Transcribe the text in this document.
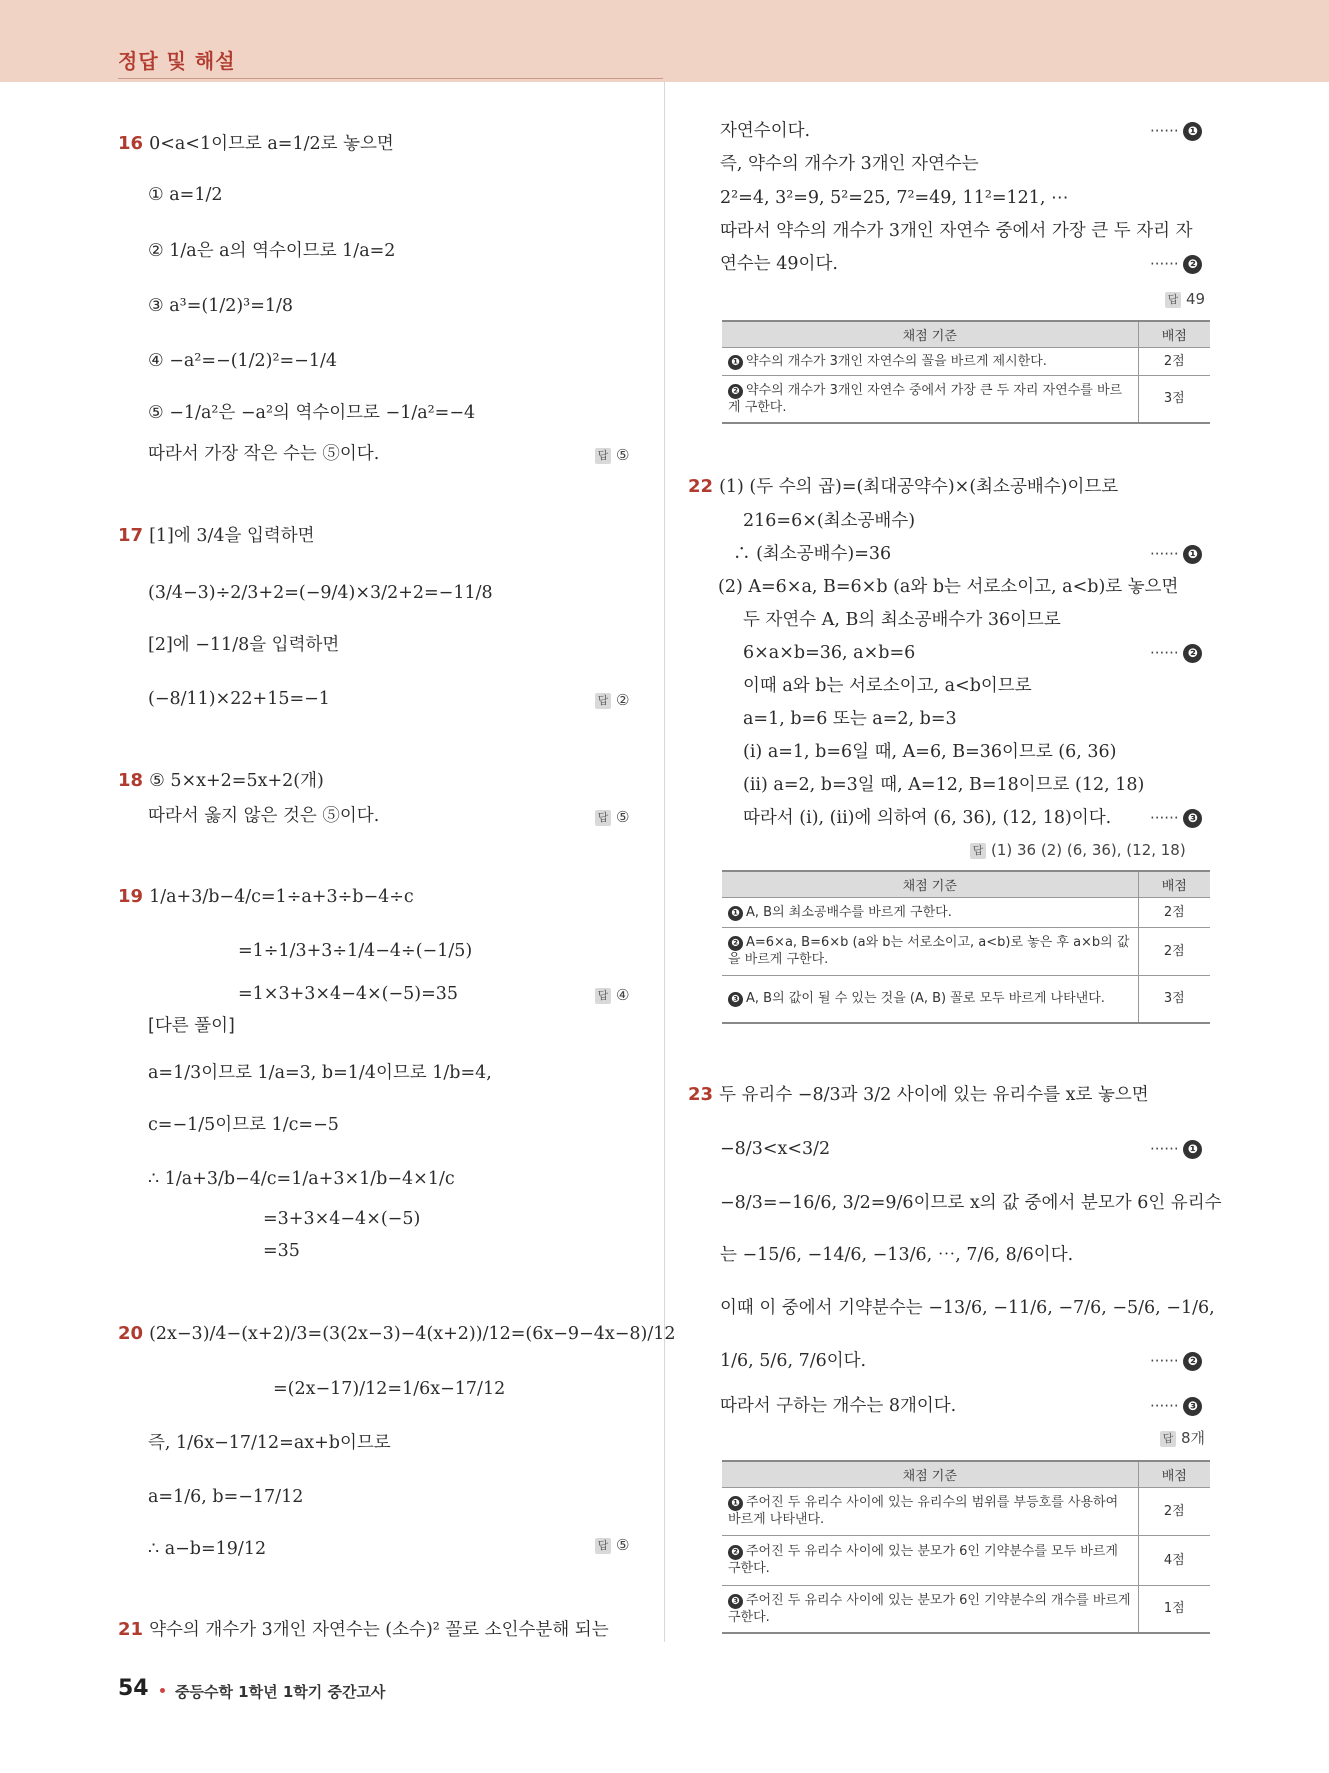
정답 및 해설
16 0<a<1이므로 a=1/2로 놓으면
① a=1/2
② 1/a은 a의 역수이므로 1/a=2
③ a³=(1/2)³=1/8
④ −a²=−(1/2)²=−1/4
⑤ −1/a²은 −a²의 역수이므로 −1/a²=−4
따라서 가장 작은 수는 ⑤이다.	답 ⑤
17 [1]에 3/4을 입력하면
(3/4−3)÷2/3+2=(−9/4)×3/2+2=−11/8
[2]에 −11/8을 입력하면
(−8/11)×22+15=−1	답 ②
18 ⑤ 5×x+2=5x+2(개)
따라서 옳지 않은 것은 ⑤이다.	답 ⑤
19 1/a+3/b−4/c=1÷a+3÷b−4÷c
=1÷1/3+3÷1/4−4÷(−1/5)
=1×3+3×4−4×(−5)=35	답 ④
[다른 풀이]
a=1/3이므로 1/a=3, b=1/4이므로 1/b=4,
c=−1/5이므로 1/c=−5
∴ 1/a+3/b−4/c=1/a+3×1/b−4×1/c
=3+3×4−4×(−5)
=35
20 (2x−3)/4−(x+2)/3=(3(2x−3)−4(x+2))/12=(6x−9−4x−8)/12
=(2x−17)/12=1/6x−17/12
즉, 1/6x−17/12=ax+b이므로
a=1/6, b=−17/12
∴ a−b=19/12	답 ⑤
21 약수의 개수가 3개인 자연수는 (소수)² 꼴로 소인수분해 되는
자연수이다.	······ ❶
즉, 약수의 개수가 3개인 자연수는
2²=4, 3²=9, 5²=25, 7²=49, 11²=121, ⋯
따라서 약수의 개수가 3개인 자연수 중에서 가장 큰 두 자리 자
연수는 49이다.	······ ❷
답 49
채점 기준	배점
❶ 약수의 개수가 3개인 자연수의 꼴을 바르게 제시한다.	2점
❷ 약수의 개수가 3개인 자연수 중에서 가장 큰 두 자리 자연수를 바르게 구한다.	3점
22 (1) (두 수의 곱)=(최대공약수)×(최소공배수)이므로
216=6×(최소공배수)
∴ (최소공배수)=36	······ ❶
(2) A=6×a, B=6×b (a와 b는 서로소이고, a<b)로 놓으면
두 자연수 A, B의 최소공배수가 36이므로
6×a×b=36, a×b=6	······ ❷
이때 a와 b는 서로소이고, a<b이므로
a=1, b=6 또는 a=2, b=3
(i) a=1, b=6일 때, A=6, B=36이므로 (6, 36)
(ii) a=2, b=3일 때, A=12, B=18이므로 (12, 18)
따라서 (i), (ii)에 의하여 (6, 36), (12, 18)이다.	······ ❸
답 (1) 36 (2) (6, 36), (12, 18)
채점 기준	배점
❶ A, B의 최소공배수를 바르게 구한다.	2점
❷ A=6×a, B=6×b (a와 b는 서로소이고, a<b)로 놓은 후 a×b의 값을 바르게 구한다.	2점
❸ A, B의 값이 될 수 있는 것을 (A, B) 꼴로 모두 바르게 나타낸다.	3점
23 두 유리수 −8/3과 3/2 사이에 있는 유리수를 x로 놓으면
−8/3<x<3/2	······ ❶
−8/3=−16/6, 3/2=9/6이므로 x의 값 중에서 분모가 6인 유리수
는 −15/6, −14/6, −13/6, ⋯, 7/6, 8/6이다.
이때 이 중에서 기약분수는 −13/6, −11/6, −7/6, −5/6, −1/6,
1/6, 5/6, 7/6이다.	······ ❷
따라서 구하는 개수는 8개이다.	······ ❸
답 8개
채점 기준	배점
❶ 주어진 두 유리수 사이에 있는 유리수의 범위를 부등호를 사용하여 바르게 나타낸다.	2점
❷ 주어진 두 유리수 사이에 있는 분모가 6인 기약분수를 모두 바르게 구한다.	4점
❸ 주어진 두 유리수 사이에 있는 분모가 6인 기약분수의 개수를 바르게 구한다.	1점
54 중등수학 1학년 1학기 중간고사
